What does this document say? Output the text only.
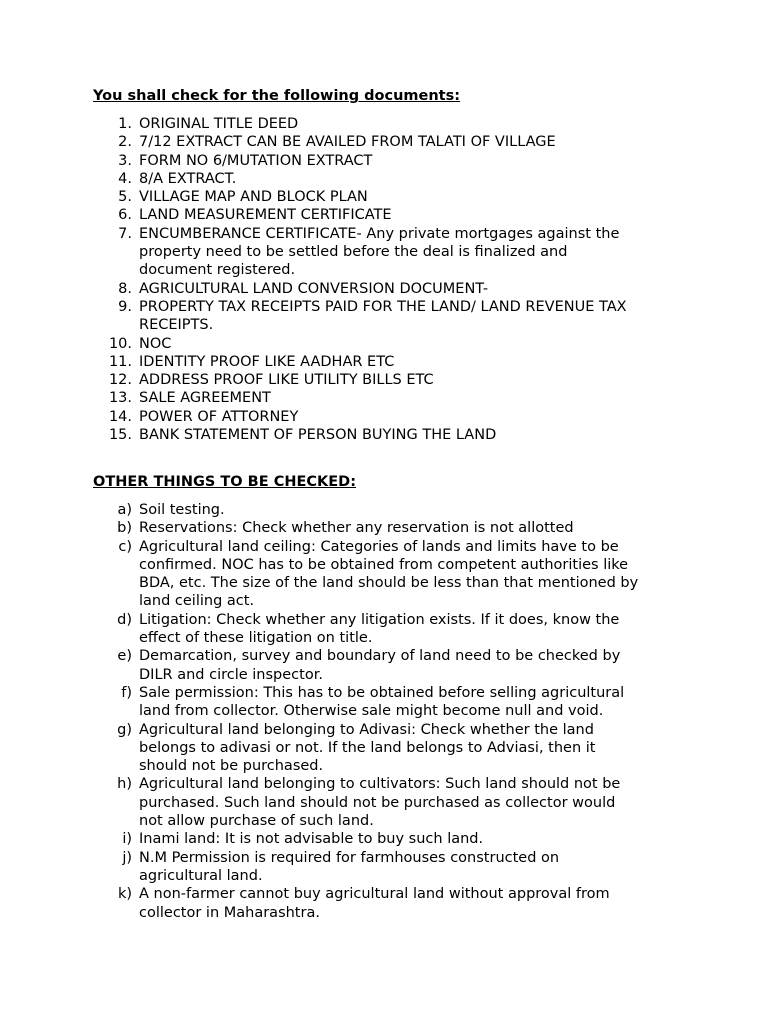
You shall check for the following documents:
1. ORIGINAL TITLE DEED
2. 7/12 EXTRACT CAN BE AVAILED FROM TALATI OF VILLAGE
3. FORM NO 6/MUTATION EXTRACT
4. 8/A EXTRACT.
5. VILLAGE MAP AND BLOCK PLAN
6. LAND MEASUREMENT CERTIFICATE
7. ENCUMBERANCE CERTIFICATE- Any private mortgages against the
property need to be settled before the deal is finalized and
document registered.
8. AGRICULTURAL LAND CONVERSION DOCUMENT-
9. PROPERTY TAX RECEIPTS PAID FOR THE LAND/ LAND REVENUE TAX
RECEIPTS.
10. NOC
11. IDENTITY PROOF LIKE AADHAR ETC
12. ADDRESS PROOF LIKE UTILITY BILLS ETC
13. SALE AGREEMENT
14. POWER OF ATTORNEY
15. BANK STATEMENT OF PERSON BUYING THE LAND
OTHER THINGS TO BE CHECKED:
a) Soil testing.
b) Reservations: Check whether any reservation is not allotted
c) Agricultural land ceiling: Categories of lands and limits have to be
confirmed. NOC has to be obtained from competent authorities like
BDA, etc. The size of the land should be less than that mentioned by
land ceiling act.
d) Litigation: Check whether any litigation exists. If it does, know the
effect of these litigation on title.
e) Demarcation, survey and boundary of land need to be checked by
DILR and circle inspector.
f) Sale permission: This has to be obtained before selling agricultural
land from collector. Otherwise sale might become null and void.
g) Agricultural land belonging to Adivasi: Check whether the land
belongs to adivasi or not. If the land belongs to Adviasi, then it
should not be purchased.
h) Agricultural land belonging to cultivators: Such land should not be
purchased. Such land should not be purchased as collector would
not allow purchase of such land.
i) Inami land: It is not advisable to buy such land.
j) N.M Permission is required for farmhouses constructed on
agricultural land.
k) A non-farmer cannot buy agricultural land without approval from
collector in Maharashtra.
